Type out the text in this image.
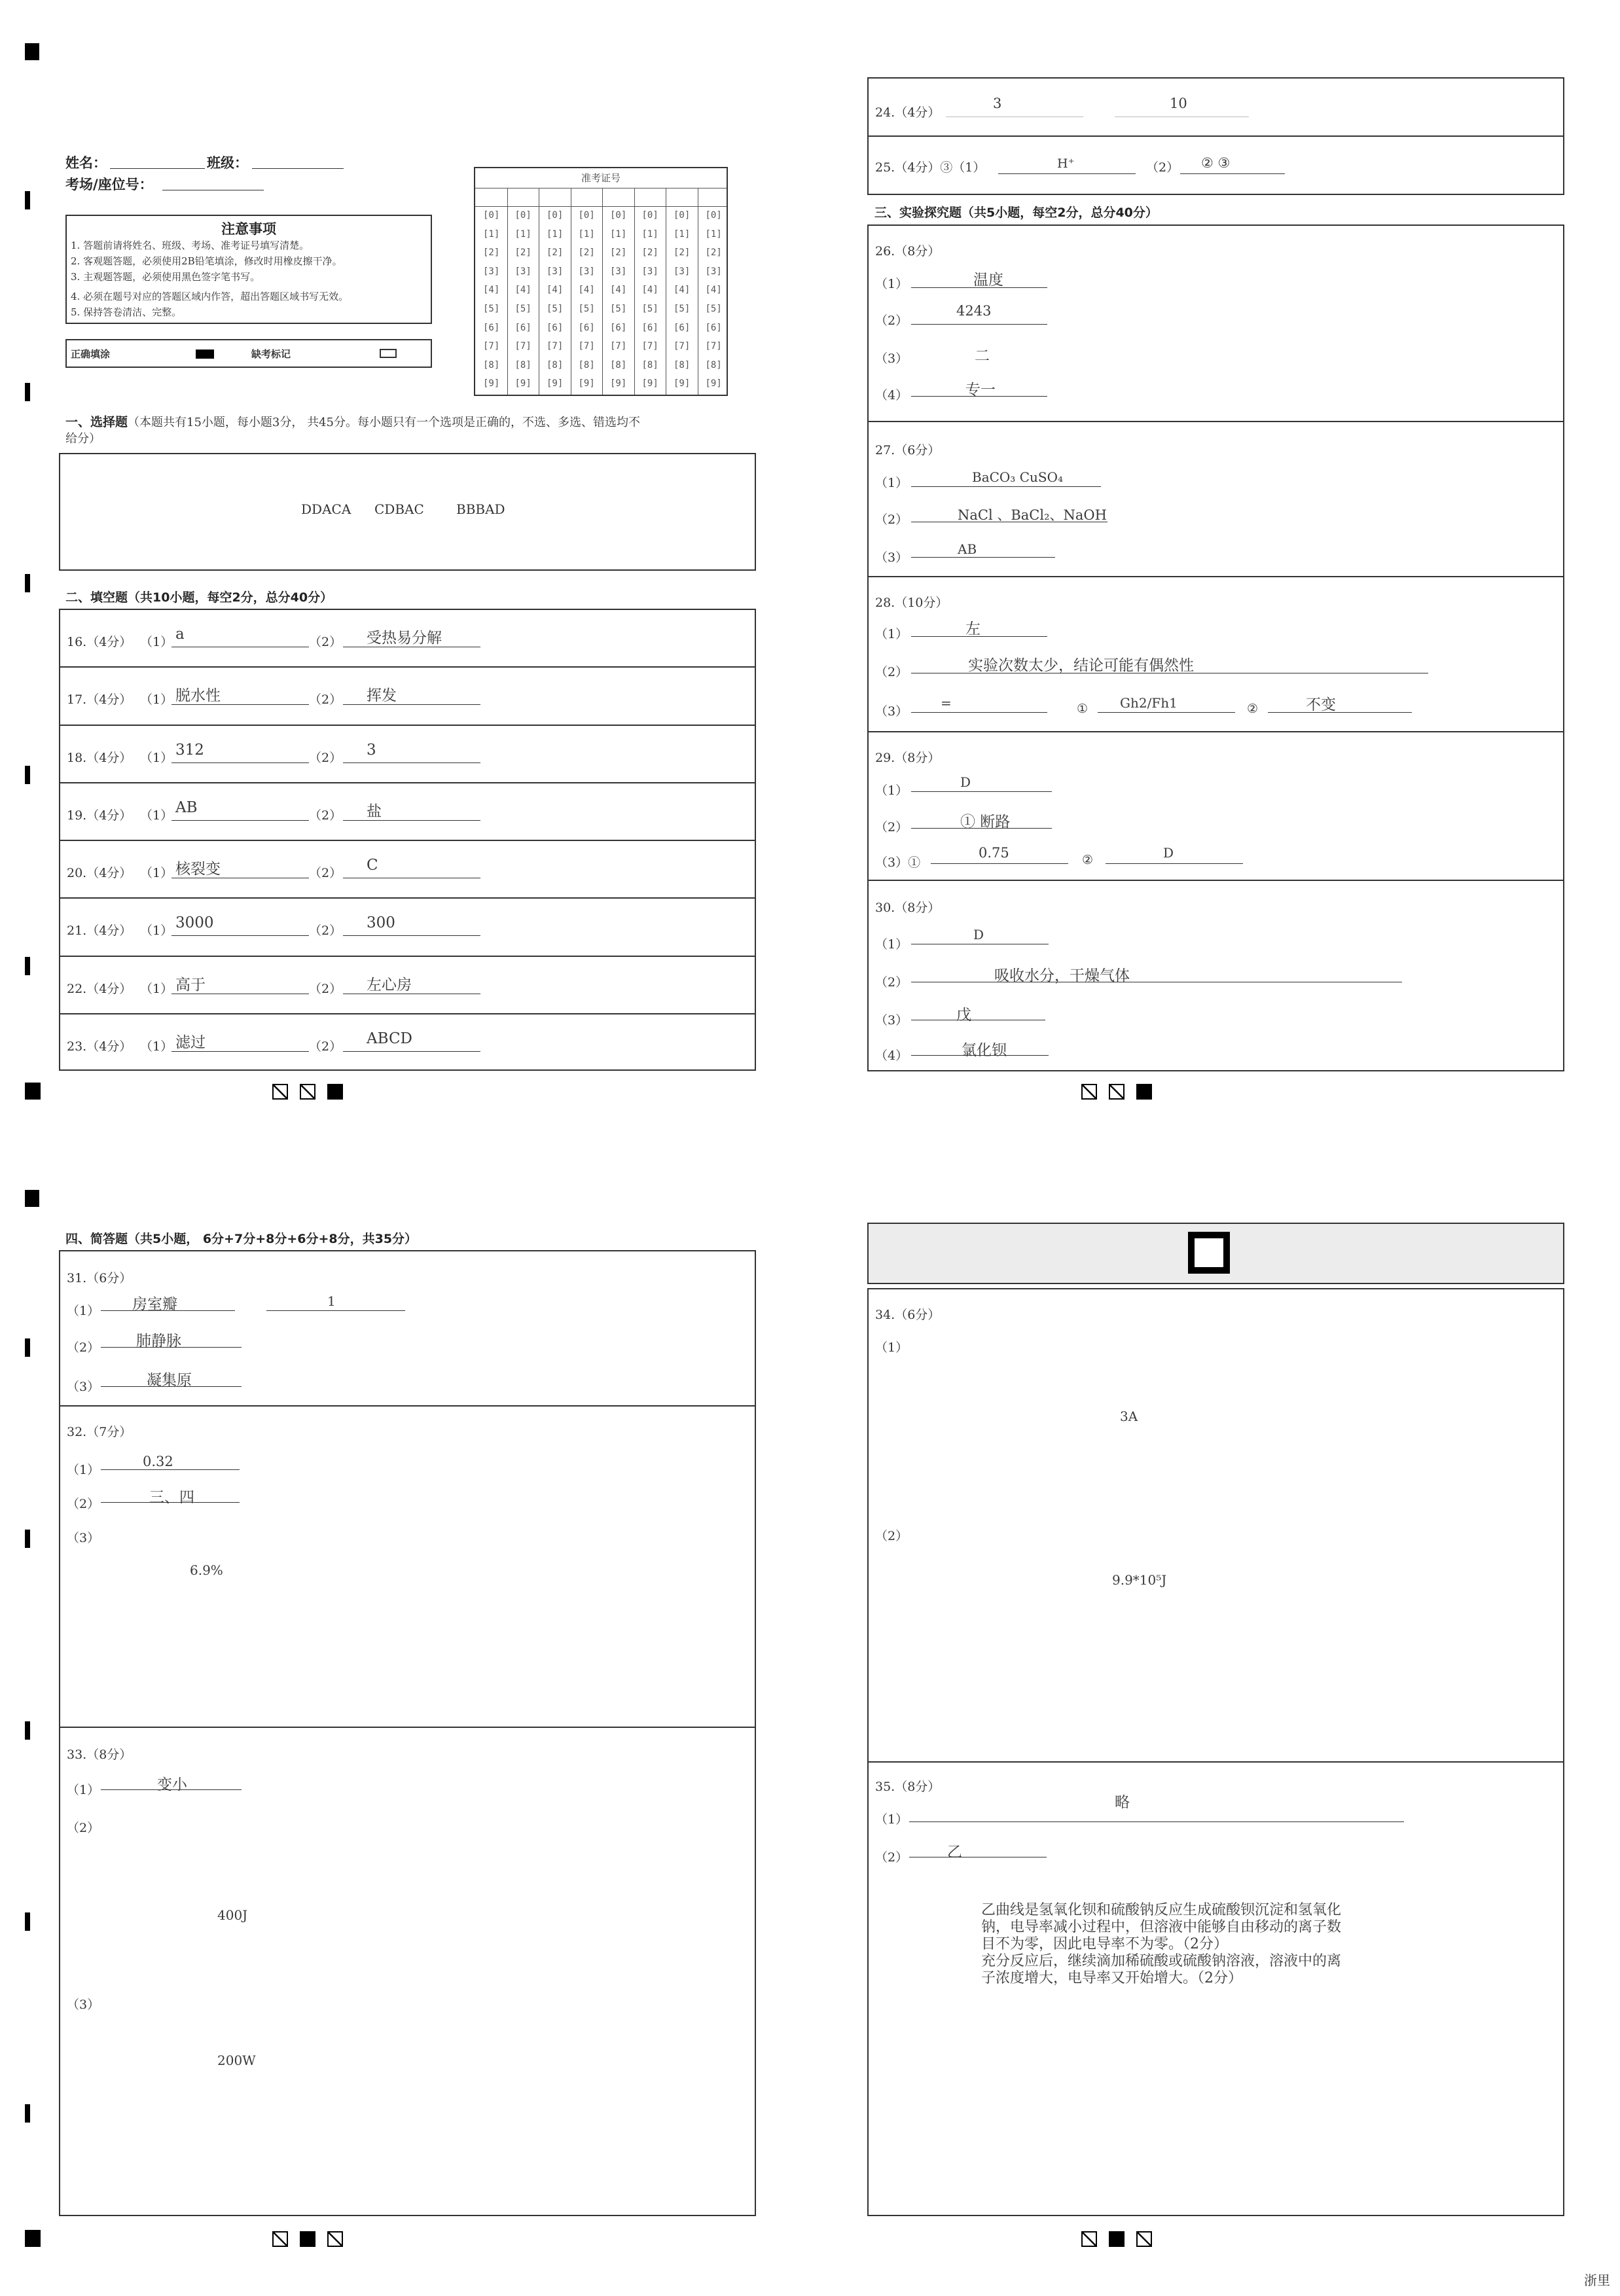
姓名：	班级：
考场/座位号：
注意事项
1. 答题前请将姓名、班级、考场、准考证号填写清楚。
2. 客观题答题，必须使用2B铅笔填涂，修改时用橡皮擦干净。
3. 主观题答题，必须使用黑色签字笔书写。
4. 必须在题号对应的答题区域内作答，超出答题区域书写无效。
5. 保持答卷清洁、完整。
正确填涂	缺考标记
准考证号
[0]
[1]
[2]
[3]
[4]
[5]
[6]
[7]
[8]
[9]
[0]
[1]
[2]
[3]
[4]
[5]
[6]
[7]
[8]
[9]
[0]
[1]
[2]
[3]
[4]
[5]
[6]
[7]
[8]
[9]
[0]
[1]
[2]
[3]
[4]
[5]
[6]
[7]
[8]
[9]
[0]
[1]
[2]
[3]
[4]
[5]
[6]
[7]
[8]
[9]
[0]
[1]
[2]
[3]
[4]
[5]
[6]
[7]
[8]
[9]
[0]
[1]
[2]
[3]
[4]
[5]
[6]
[7]
[8]
[9]
[0]
[1]
[2]
[3]
[4]
[5]
[6]
[7]
[8]
[9]
一、选择题（本题共有15小题，每小题3分， 共45分。每小题只有一个选项是正确的，不选、多选、错选均不
给分）
DDACA CDBAC BBBAD
二、填空题（共10小题，每空2分，总分40分）
16.（4分） （1） a	（2） 受热易分解
17.（4分） （1） 脱水性	（2） 挥发
18.（4分） （1） 312	（2） 3
19.（4分） （1） AB	（2） 盐
20.（4分） （1） 核裂变	（2） C
21.（4分） （1） 3000	（2） 300
22.（4分） （1） 高于	（2） 左心房
23.（4分） （1） 滤过	（2） ABCD
24.（4分）
3	10
25.（4分）③（1）	H⁺	（2） ② ③
三、实验探究题（共5小题，每空2分，总分40分）
26.（8分）
（1）	温度
（2）
4243
（3）	二
（4）	专一
27.（6分）
（1）	BaCO₃ CuSO₄
（2）	NaCl 、BaCl₂、NaOH
（3）
AB
28.（10分）
（1）	左
（2）	实验次数太少，结论可能有偶然性
（3）
=	① Gh2/Fh1	②	不变
29.（8分）
（1）
D
（2）	① 断路
（3）①
0.75	②	D
30.（8分）
（1）
D
（2）	吸收水分，干燥气体
（3）	戊
（4）	氯化钡
四、简答题（共5小题， 6分+7分+8分+6分+8分，共35分）
31.（6分）
（1） 房室瓣	1
（2） 肺静脉
（3）	凝集原
32.（7分）
（1）
0.32
（2）	三、四
（3）
6.9%
33.（8分）
（1）	变小
（2）
400J
（3）
200W
34.（6分）
（1）
3A
（2）
9.9*10⁵J
35.（8分）
（1）
略
（2）	乙
乙曲线是氢氧化钡和硫酸钠反应生成硫酸钡沉淀和氢氧化
钠，电导率减小过程中，但溶液中能够自由移动的离子数
目不为零，因此电导率不为零。（2分）
充分反应后，继续滴加稀硫酸或硫酸钠溶液，溶液中的离
子浓度增大，电导率又开始增大。（2分）
浙里
